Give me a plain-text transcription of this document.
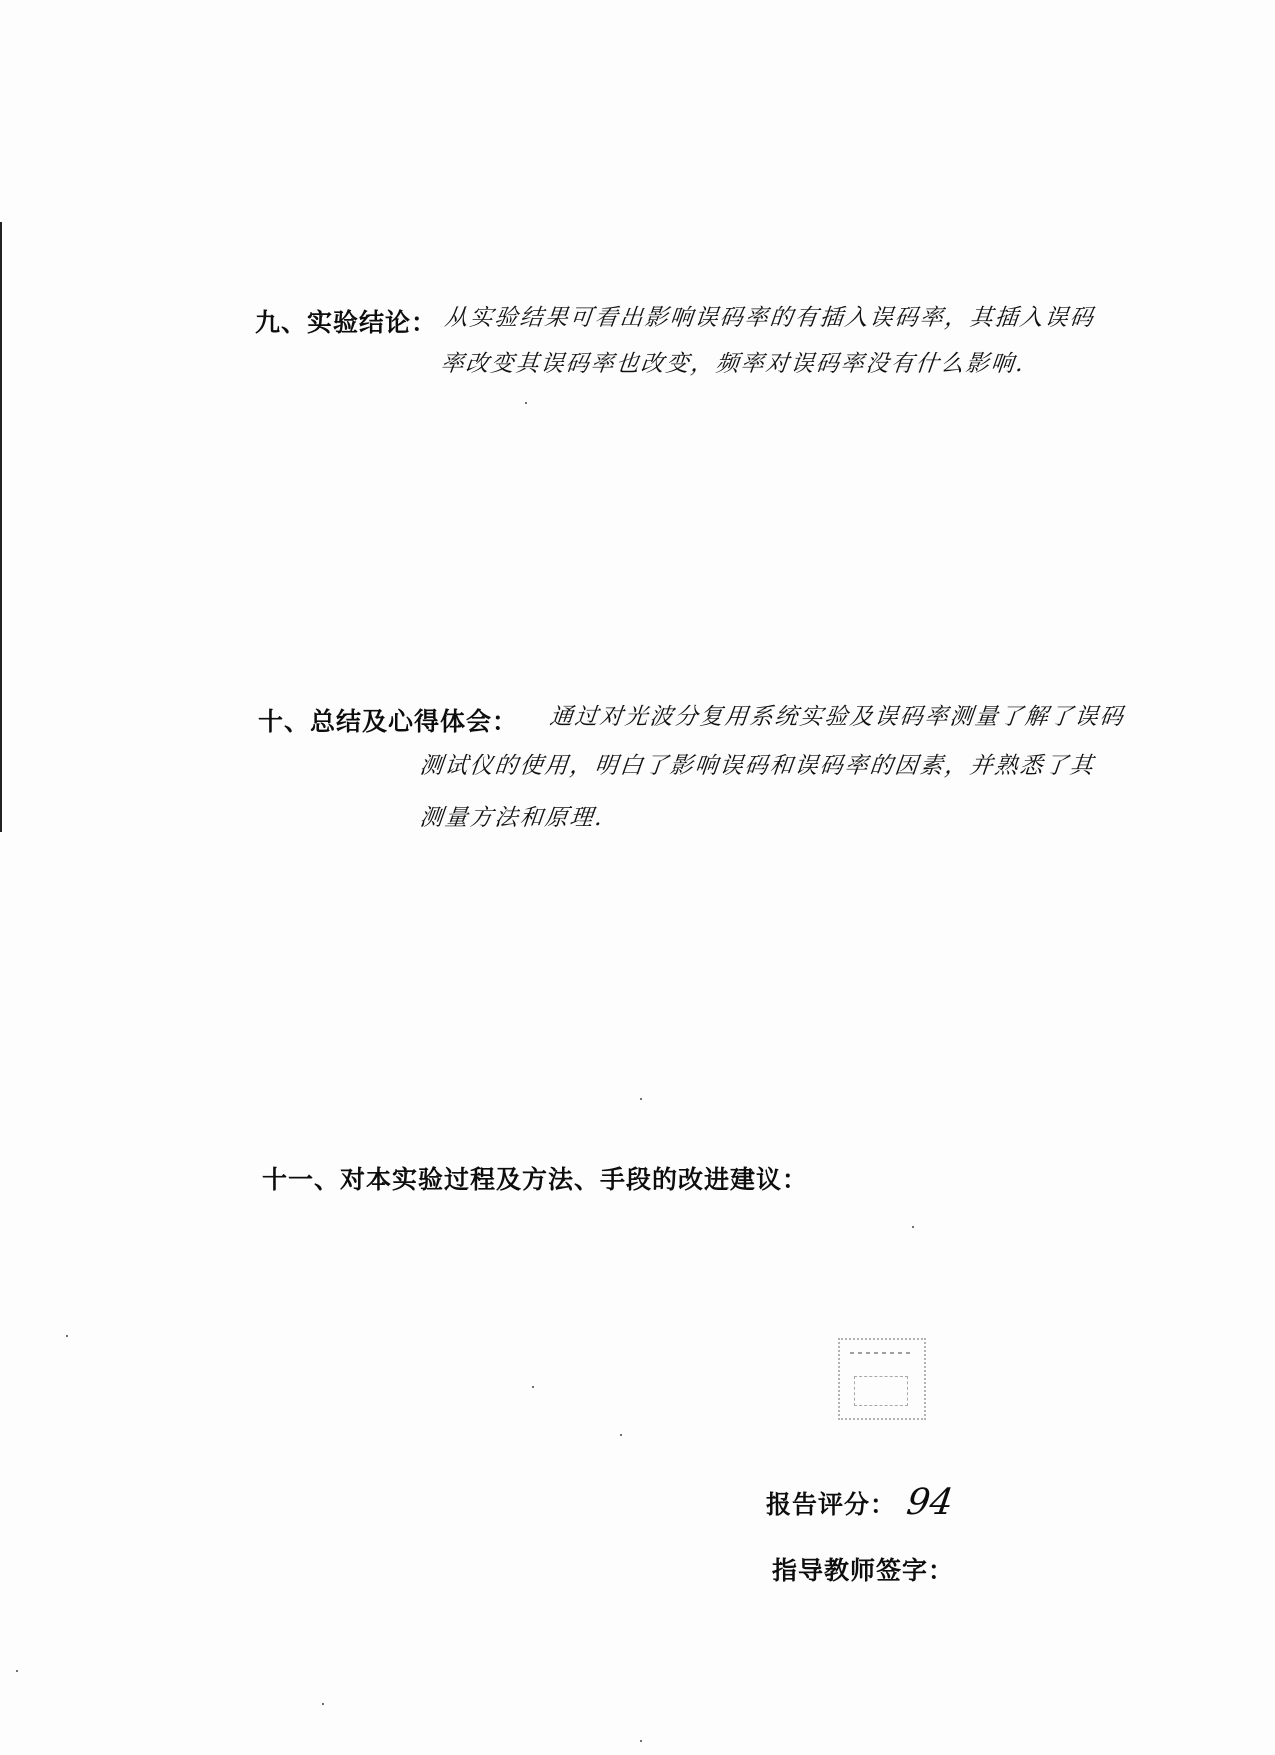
九、实验结论： 从实验结果可看出影响误码率的有插入误码率，其插入误码
率改变其误码率也改变，频率对误码率没有什么影响.
十、总结及心得体会： 通过对光波分复用系统实验及误码率测量了解了误码
测试仪的使用，明白了影响误码和误码率的因素，并熟悉了其
测量方法和原理.
十一、对本实验过程及方法、手段的改进建议：
报告评分： 94
指导教师签字：
